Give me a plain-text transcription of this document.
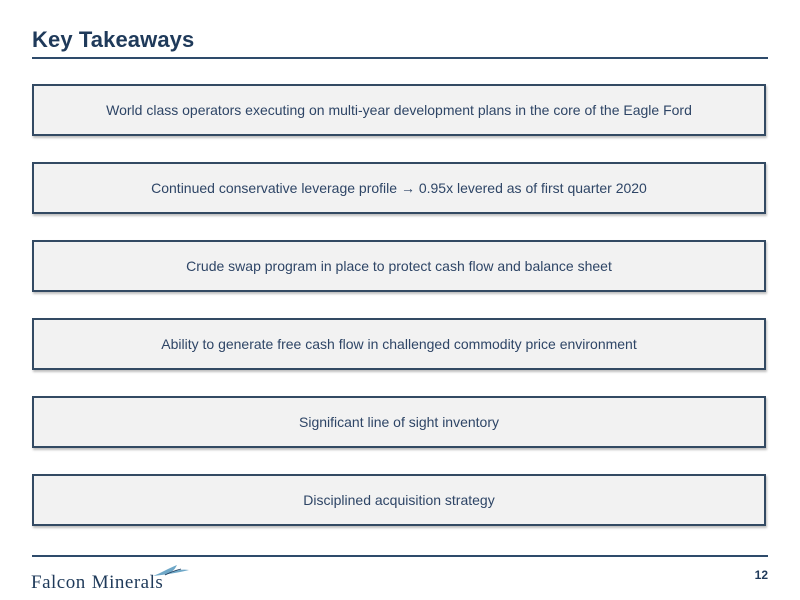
Key Takeaways
World class operators executing on multi-year development plans in the core of the Eagle Ford
Continued conservative leverage profile → 0.95x levered as of first quarter 2020
Crude swap program in place to protect cash flow and balance sheet
Ability to generate free cash flow in challenged commodity price environment
Significant line of sight inventory
Disciplined acquisition strategy
Falcon Minerals	12
